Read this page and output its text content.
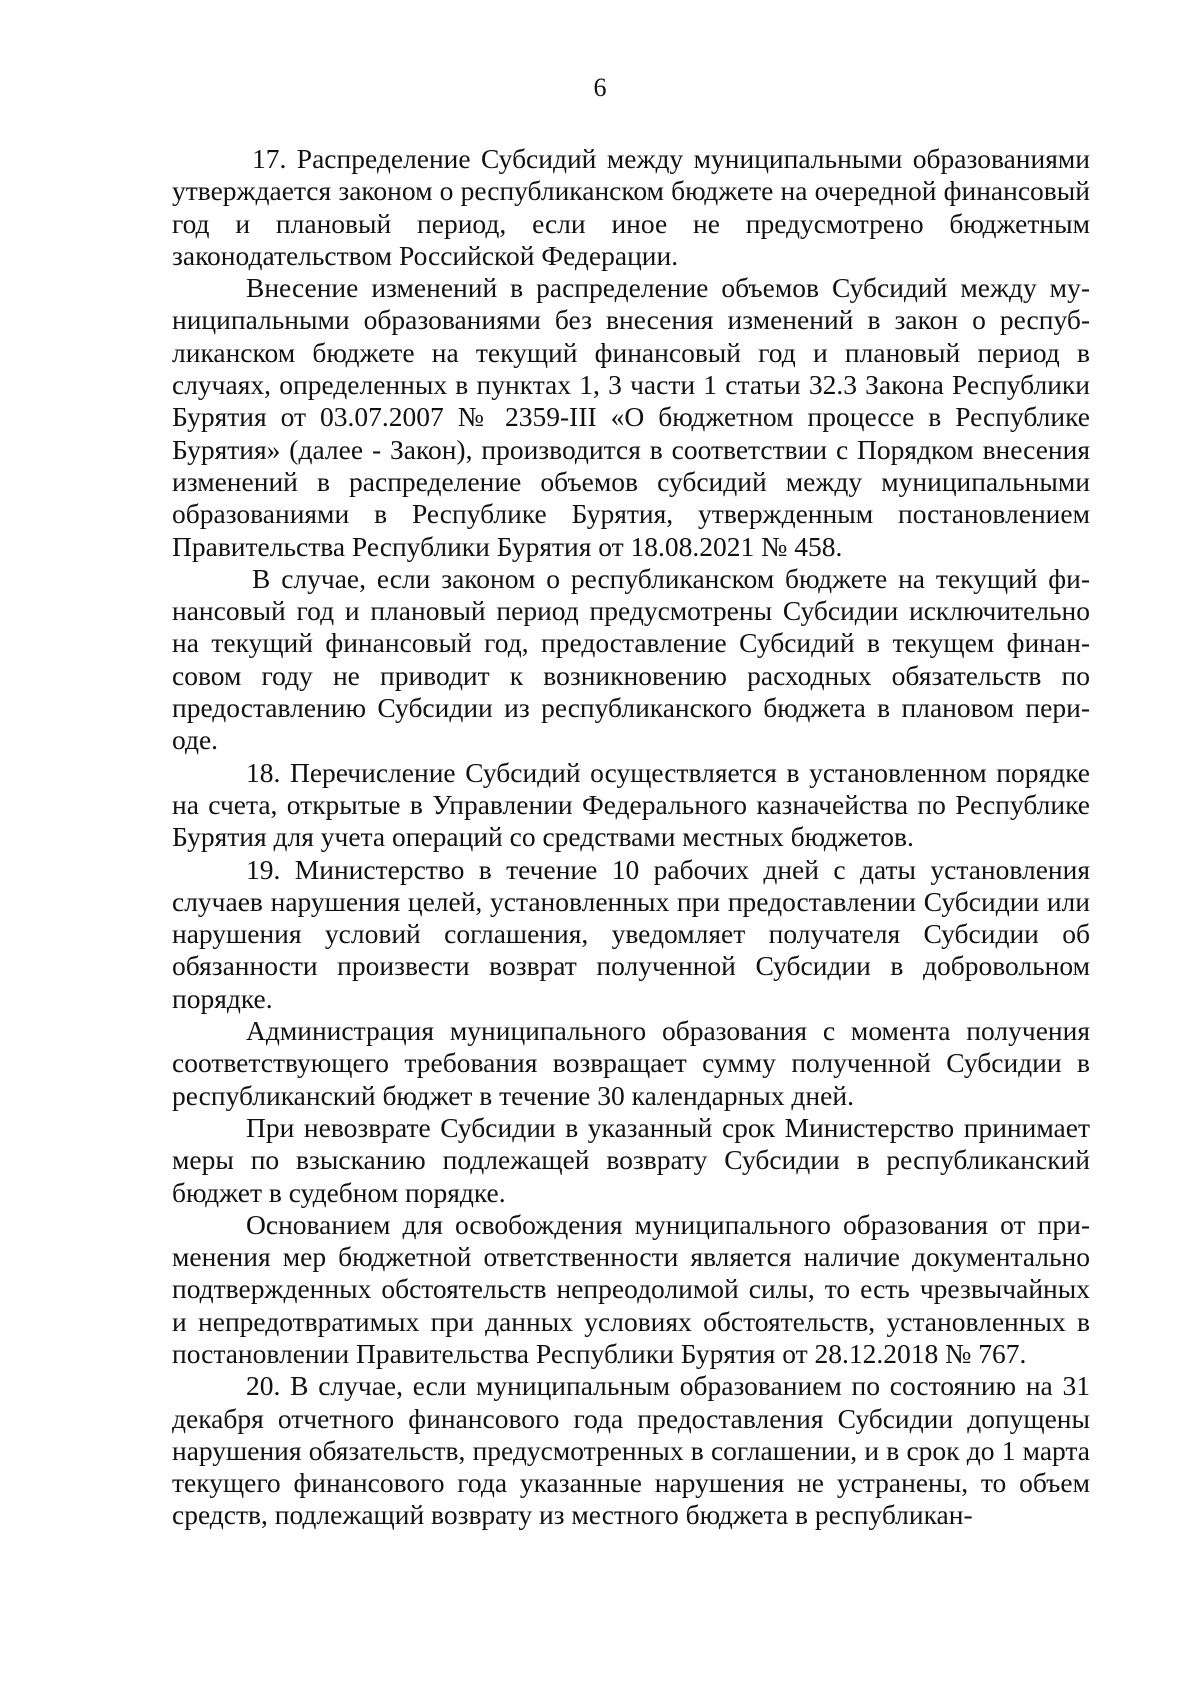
6

17. Распределение Субсидий между муниципальными образованиями утверждается законом о республиканском бюджете на очередной финансовый год и плановый период, если иное не предусмотрено бюджетным законодательством Российской Федерации.

Внесение изменений в распределение объемов Субсидий между муниципальными образованиями без внесения изменений в закон о республиканском бюджете на текущий финансовый год и плановый период в случаях, определенных в пунктах 1, 3 части 1 статьи 32.3 Закона Республики Бурятия от 03.07.2007 № 2359-III «О бюджетном процессе в Республике Бурятия» (далее - Закон), производится в соответствии с Порядком внесения изменений в распределение объемов субсидий между муниципальными образованиями в Республике Бурятия, утвержденным постановлением Правительства Республики Бурятия от 18.08.2021 № 458.

В случае, если законом о республиканском бюджете на текущий финансовый год и плановый период предусмотрены Субсидии исключительно на текущий финансовый год, предоставление Субсидий в текущем финансовом году не приводит к возникновению расходных обязательств по предоставлению Субсидии из республиканского бюджета в плановом периоде.

18. Перечисление Субсидий осуществляется в установленном порядке на счета, открытые в Управлении Федерального казначейства по Республике Бурятия для учета операций со средствами местных бюджетов.

19. Министерство в течение 10 рабочих дней с даты установления случаев нарушения целей, установленных при предоставлении Субсидии или нарушения условий соглашения, уведомляет получателя Субсидии об обязанности произвести возврат полученной Субсидии в добровольном порядке.

Администрация муниципального образования с момента получения соответствующего требования возвращает сумму полученной Субсидии в республиканский бюджет в течение 30 календарных дней.

При невозврате Субсидии в указанный срок Министерство принимает меры по взысканию подлежащей возврату Субсидии в республиканский бюджет в судебном порядке.

Основанием для освобождения муниципального образования от применения мер бюджетной ответственности является наличие документально подтвержденных обстоятельств непреодолимой силы, то есть чрезвычайных и непредотвратимых при данных условиях обстоятельств, установленных в постановлении Правительства Республики Бурятия от 28.12.2018 № 767.

20. В случае, если муниципальным образованием по состоянию на 31 декабря отчетного финансового года предоставления Субсидии допущены нарушения обязательств, предусмотренных в соглашении, и в срок до 1 марта текущего финансового года указанные нарушения не устранены, то объем средств, подлежащий возврату из местного бюджета в республикан-
